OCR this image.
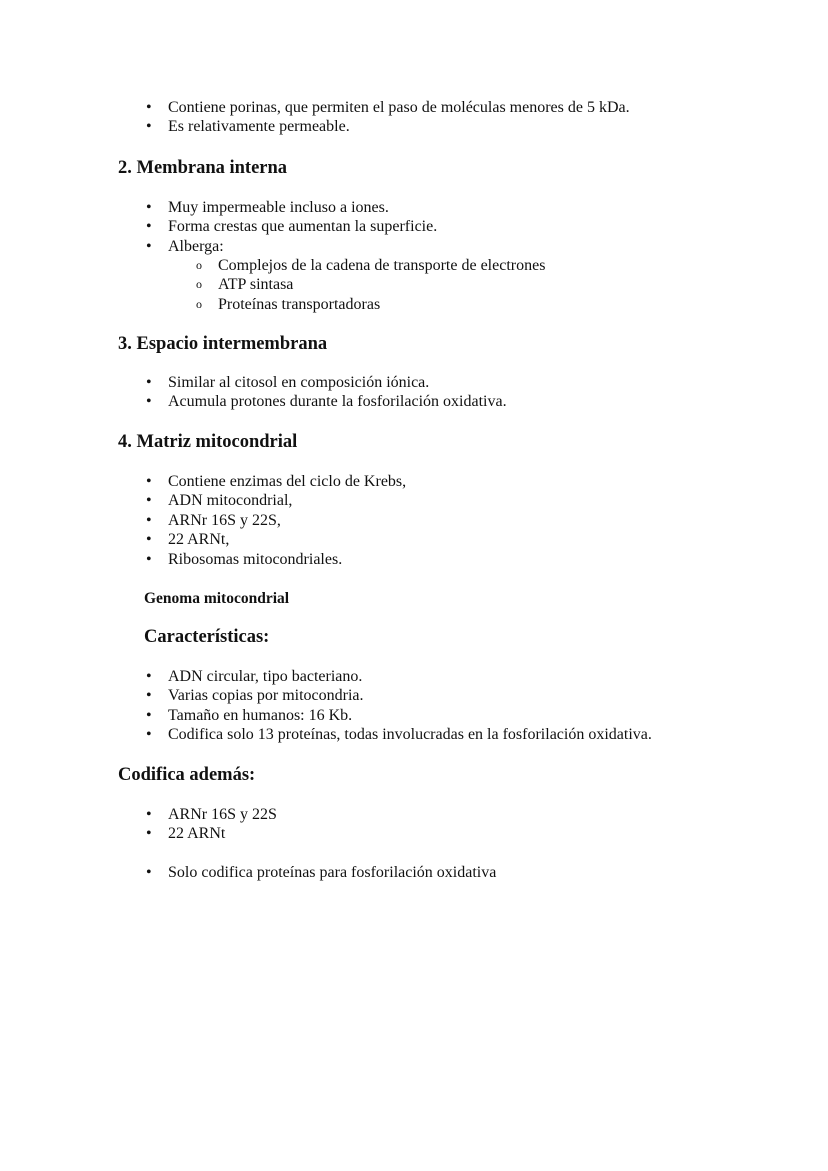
• Contiene porinas, que permiten el paso de moléculas menores de 5 kDa.
• Es relativamente permeable.
2. Membrana interna
• Muy impermeable incluso a iones.
• Forma crestas que aumentan la superficie.
• Alberga:
o Complejos de la cadena de transporte de electrones
o ATP sintasa
o Proteínas transportadoras
3. Espacio intermembrana
• Similar al citosol en composición iónica.
• Acumula protones durante la fosforilación oxidativa.
4. Matriz mitocondrial
• Contiene enzimas del ciclo de Krebs,
• ADN mitocondrial,
• ARNr 16S y 22S,
• 22 ARNt,
• Ribosomas mitocondriales.
Genoma mitocondrial
Características:
• ADN circular, tipo bacteriano.
• Varias copias por mitocondria.
• Tamaño en humanos: 16 Kb.
• Codifica solo 13 proteínas, todas involucradas en la fosforilación oxidativa.
Codifica además:
• ARNr 16S y 22S
• 22 ARNt
• Solo codifica proteínas para fosforilación oxidativa
